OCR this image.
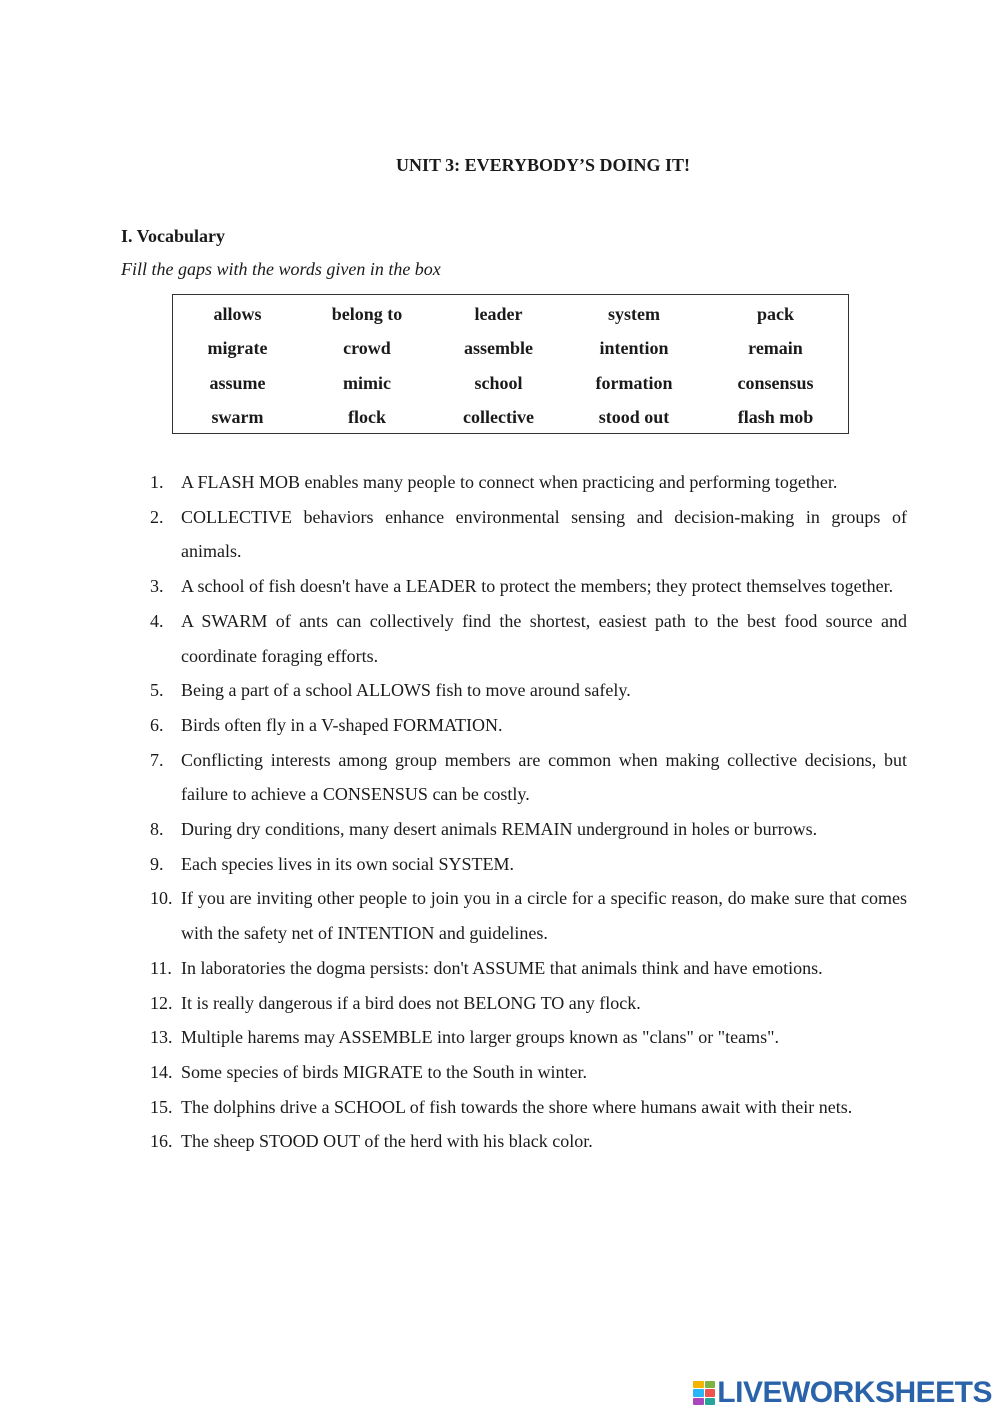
UNIT 3: EVERYBODY’S DOING IT!
I. Vocabulary
Fill the gaps with the words given in the box
allows	belong to	leader	system	pack
migrate	crowd	assemble	intention	remain
assume	mimic	school	formation	consensus
swarm	flock	collective	stood out	flash mob
1. A FLASH MOB enables many people to connect when practicing and performing together.
2. COLLECTIVE behaviors enhance environmental sensing and decision-making in groups of animals.
3. A school of fish doesn't have a LEADER to protect the members; they protect themselves together.
4. A SWARM of ants can collectively find the shortest, easiest path to the best food source and coordinate foraging efforts.
5. Being a part of a school ALLOWS fish to move around safely.
6. Birds often fly in a V-shaped FORMATION.
7. Conflicting interests among group members are common when making collective decisions, but failure to achieve a CONSENSUS can be costly.
8. During dry conditions, many desert animals REMAIN underground in holes or burrows.
9. Each species lives in its own social SYSTEM.
10. If you are inviting other people to join you in a circle for a specific reason, do make sure that comes with the safety net of INTENTION and guidelines.
11. In laboratories the dogma persists: don't ASSUME that animals think and have emotions.
12. It is really dangerous if a bird does not BELONG TO any flock.
13. Multiple harems may ASSEMBLE into larger groups known as "clans" or "teams".
14. Some species of birds MIGRATE to the South in winter.
15. The dolphins drive a SCHOOL of fish towards the shore where humans await with their nets.
16. The sheep STOOD OUT of the herd with his black color.
LIVEWORKSHEETS
